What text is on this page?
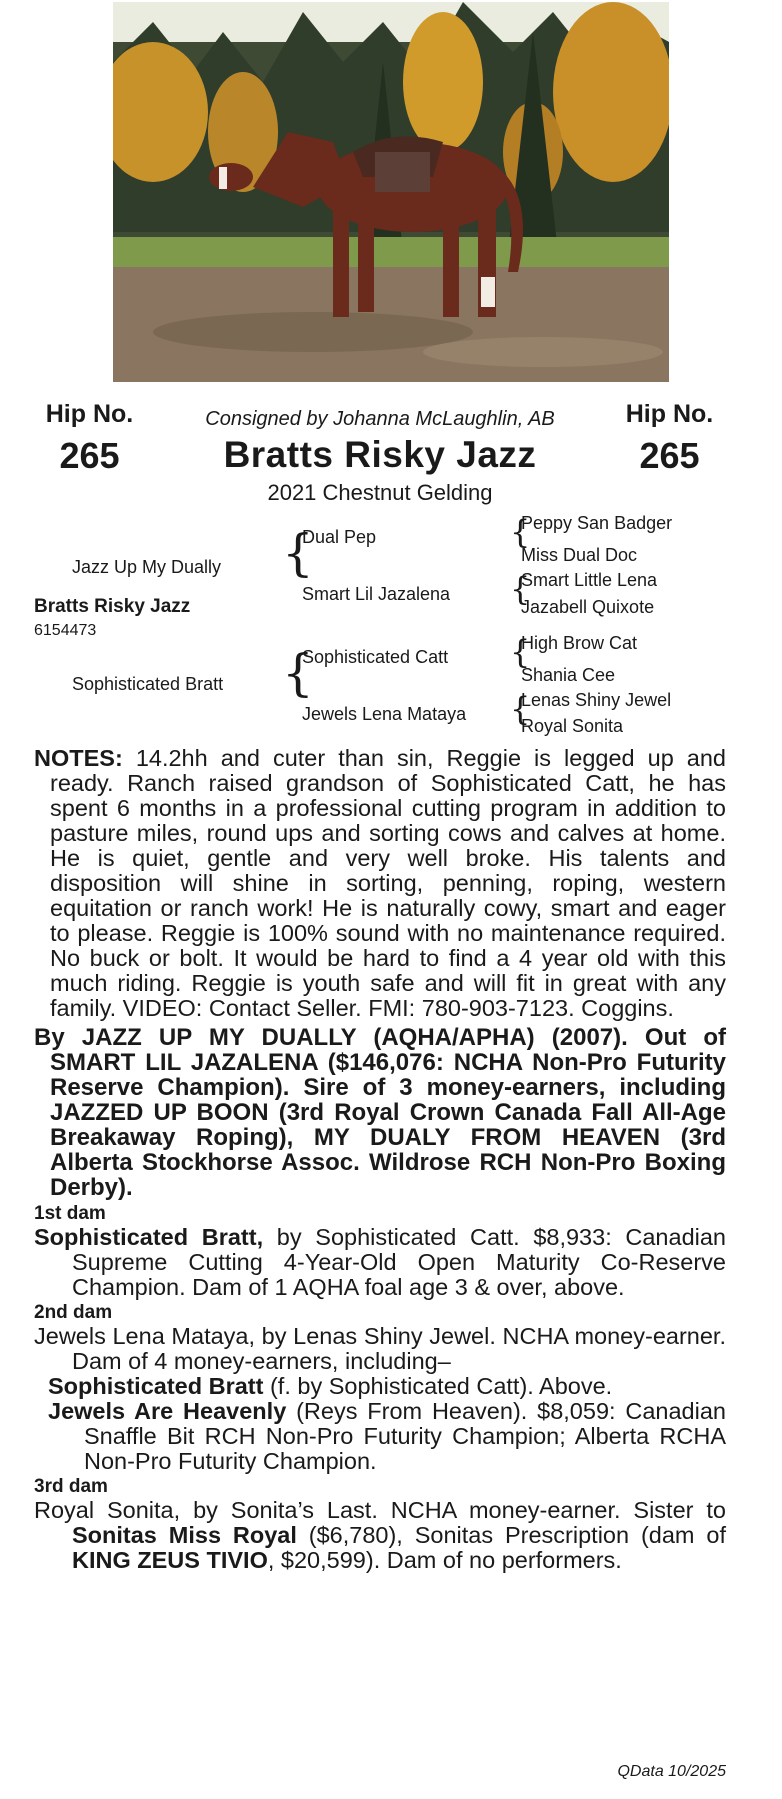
Hip No.
265
Hip No.
265
Consigned by Johanna McLaughlin, AB
Bratts Risky Jazz
2021 Chestnut Gelding
Jazz Up My Dually
Bratts Risky Jazz
6154473
Sophisticated Bratt
{
{
Dual Pep
Smart Lil Jazalena
Sophisticated Catt
Jewels Lena Mataya
{
{
{
{
Peppy San Badger
Miss Dual Doc
Smart Little Lena
Jazabell Quixote
High Brow Cat
Shania Cee
Lenas Shiny Jewel
Royal Sonita

NOTES: 14.2hh and cuter than sin, Reggie is legged up and ready. Ranch raised grandson of Sophisticated Catt, he has spent 6 months in a professional cutting program in addition to pasture miles, round ups and sorting cows and calves at home. He is quiet, gentle and very well broke. His talents and disposition will shine in sorting, penning, roping, western equitation or ranch work! He is naturally cowy, smart and eager to please. Reggie is 100% sound with no maintenance required. No buck or bolt. It would be hard to find a 4 year old with this much riding. Reggie is youth safe and will fit in great with any family. VIDEO: Contact Seller. FMI: 780-903-7123. Coggins.

By JAZZ UP MY DUALLY (AQHA/APHA) (2007). Out of SMART LIL JAZALENA ($146,076: NCHA Non-Pro Futurity Reserve Champion). Sire of 3 money-earners, including JAZZED UP BOON (3rd Royal Crown Canada Fall All-Age Breakaway Roping), MY DUALY FROM HEAVEN (3rd Alberta Stockhorse Assoc. Wildrose RCH Non-Pro Boxing Derby).

1st dam

Sophisticated Bratt, by Sophisticated Catt. $8,933: Canadian Supreme Cutting 4-Year-Old Open Maturity Co-Reserve Champion. Dam of 1 AQHA foal age 3 & over, above.

2nd dam

Jewels Lena Mataya, by Lenas Shiny Jewel. NCHA money-earner. Dam of 4 money-earners, including–

Sophisticated Bratt (f. by Sophisticated Catt). Above.

Jewels Are Heavenly (Reys From Heaven). $8,059: Canadian Snaffle Bit RCH Non-Pro Futurity Champion; Alberta RCHA Non-Pro Futurity Champion.

3rd dam

Royal Sonita, by Sonita’s Last. NCHA money-earner. Sister to Sonitas Miss Royal ($6,780), Sonitas Prescription (dam of KING ZEUS TIVIO, $20,599). Dam of no performers.

QData 10/2025
